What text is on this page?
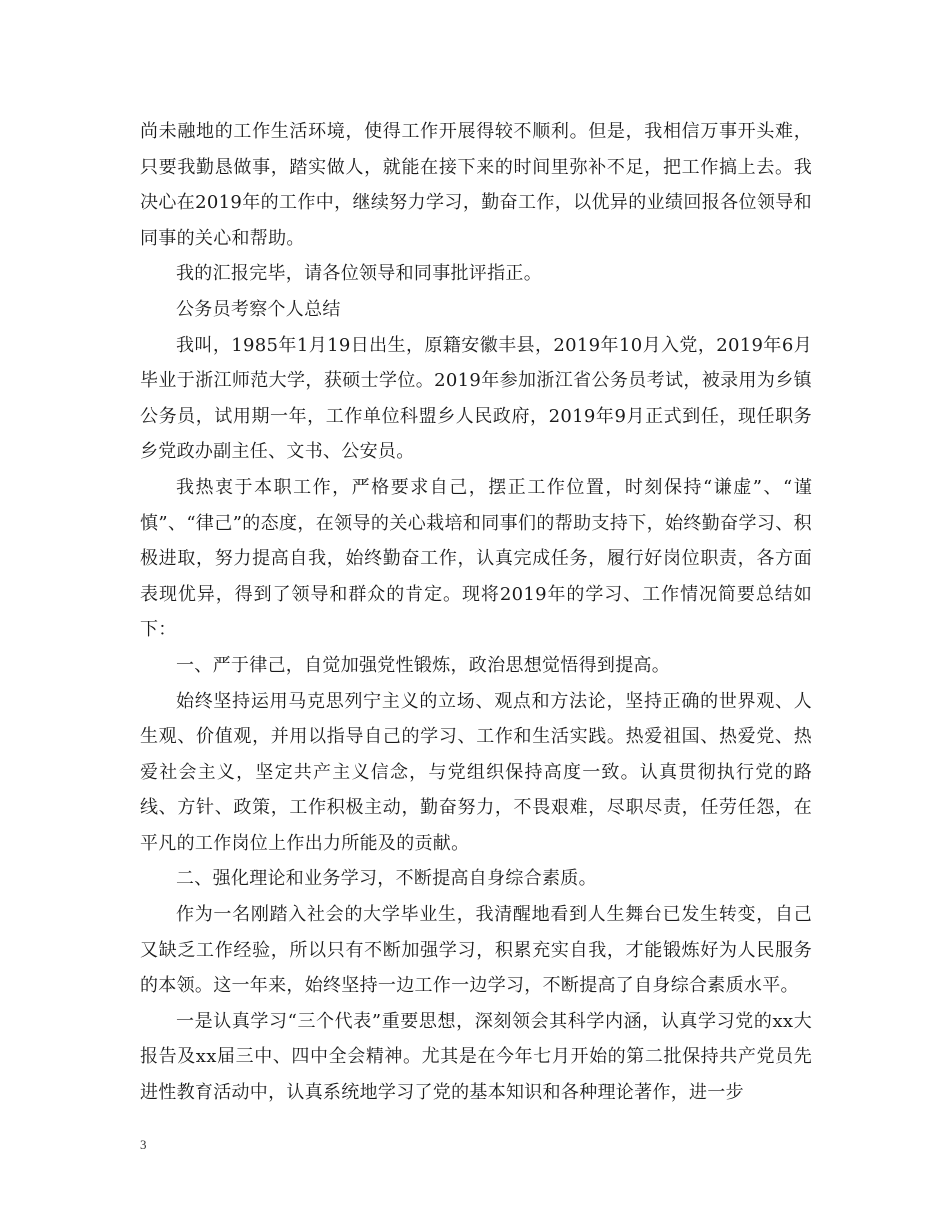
尚未融地的工作生活环境，使得工作开展得较不顺利。但是，我相信万事开头难，只要我勤恳做事，踏实做人，就能在接下来的时间里弥补不足，把工作搞上去。我决心在2019年的工作中，继续努力学习，勤奋工作，以优异的业绩回报各位领导和同事的关心和帮助。

我的汇报完毕，请各位领导和同事批评指正。

公务员考察个人总结

我叫，1985年1月19日出生，原籍安徽丰县，2019年10月入党，2019年6月毕业于浙江师范大学，获硕士学位。2019年参加浙江省公务员考试，被录用为乡镇公务员，试用期一年，工作单位科盟乡人民政府，2019年9月正式到任，现任职务乡党政办副主任、文书、公安员。

我热衷于本职工作，严格要求自己，摆正工作位置，时刻保持“谦虚”、“谨慎”、“律己”的态度，在领导的关心栽培和同事们的帮助支持下，始终勤奋学习、积极进取，努力提高自我，始终勤奋工作，认真完成任务，履行好岗位职责，各方面表现优异，得到了领导和群众的肯定。现将2019年的学习、工作情况简要总结如下：

一、严于律己，自觉加强党性锻炼，政治思想觉悟得到提高。

始终坚持运用马克思列宁主义的立场、观点和方法论，坚持正确的世界观、人生观、价值观，并用以指导自己的学习、工作和生活实践。热爱祖国、热爱党、热爱社会主义，坚定共产主义信念，与党组织保持高度一致。认真贯彻执行党的路线、方针、政策，工作积极主动，勤奋努力，不畏艰难，尽职尽责，任劳任怨，在平凡的工作岗位上作出力所能及的贡献。

二、强化理论和业务学习，不断提高自身综合素质。

作为一名刚踏入社会的大学毕业生，我清醒地看到人生舞台已发生转变，自己又缺乏工作经验，所以只有不断加强学习，积累充实自我，才能锻炼好为人民服务的本领。这一年来，始终坚持一边工作一边学习，不断提高了自身综合素质水平。

一是认真学习“三个代表”重要思想，深刻领会其科学内涵，认真学习党的xx大报告及xx届三中、四中全会精神。尤其是在今年七月开始的第二批保持共产党员先进性教育活动中，认真系统地学习了党的基本知识和各种理论著作，进一步

3
